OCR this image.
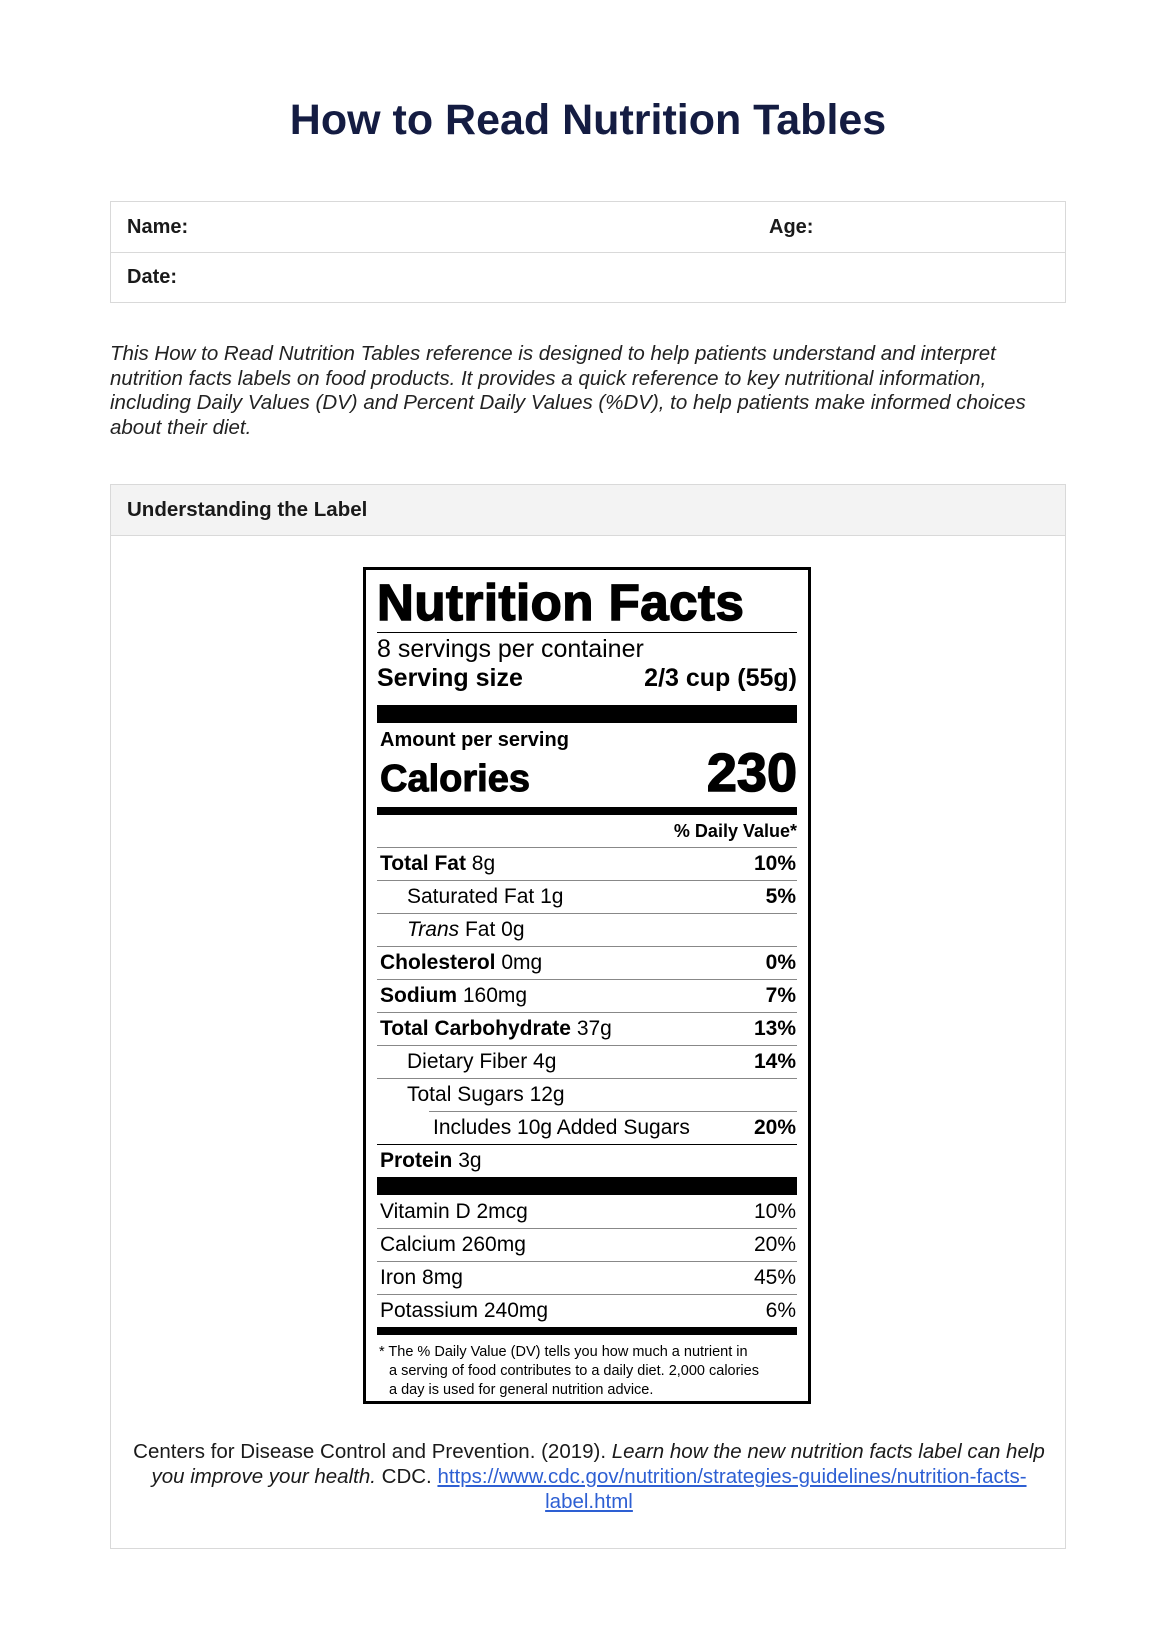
How to Read Nutrition Tables
Name:	Age:
Date:

This How to Read Nutrition Tables reference is designed to help patients understand and interpret nutrition facts labels on food products. It provides a quick reference to key nutritional information, including Daily Values (DV) and Percent Daily Values (%DV), to help patients make informed choices about their diet.

Understanding the Label
Nutrition Facts
8 servings per container
Serving size	2/3 cup (55g)
Amount per serving
Calories	230
% Daily Value*
Total Fat 8g	10%
Saturated Fat 1g	5%
Trans Fat 0g
Cholesterol 0mg	0%
Sodium 160mg	7%
Total Carbohydrate 37g	13%
Dietary Fiber 4g	14%
Total Sugars 12g
Includes 10g Added Sugars	20%
Protein 3g
Vitamin D 2mcg	10%
Calcium 260mg	20%
Iron 8mg	45%
Potassium 240mg	6%
* The % Daily Value (DV) tells you how much a nutrient in
a serving of food contributes to a daily diet. 2,000 calories
a day is used for general nutrition advice.

Centers for Disease Control and Prevention. (2019). Learn how the new nutrition facts label can help you improve your health. CDC. https://www.cdc.gov/nutrition/strategies-guidelines/nutrition-facts-label.html
